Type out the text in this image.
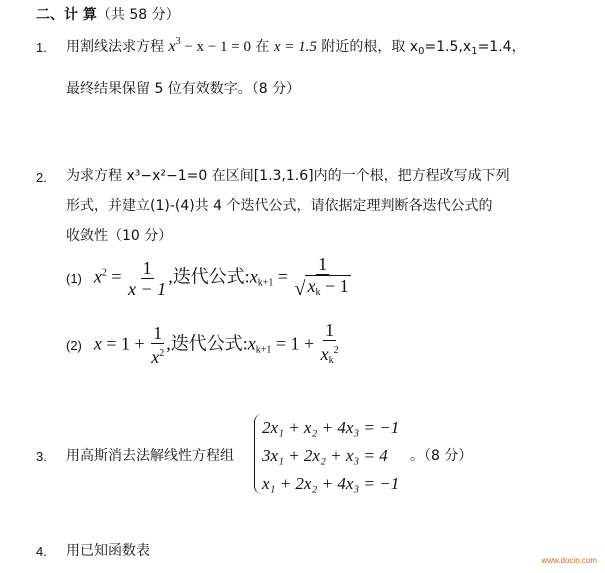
二、计 算（共 58 分）
1. 用割线法求方程 $x^3 - x - 1 = 0$ 在 x = 1.5 附近的根，取 $x_0=1.5,x_1=1.4$，
最终结果保留 5 位有效数字。（8 分）
2. 为求方程 x³−x²−1=0 在区间[1.3,1.6]内的一个根，把方程改写成下列
形式，并建立(1)-(4)共 4 个迭代公式，请依据定理判断各迭代公式的
收敛性（10 分）
(1) $x^2 = \frac{1}{x - 1}$ ,迭代公式$:x_{k+1} = \frac{1}{√ x_k - 1}$
(2) $x = 1 + \frac{1}{x^2}$ ,迭代公式$:x_{k+1} = 1 + \frac{1}{x_k^2}$
3. 用高斯消去法解线性方程组
2x₁ + x₂ + 4x₃ = −1
3x₁ + 2x₂ + x₃ = 4
x₁ + 2x₂ + 4x₃ = −1
。（8 分）
4. 用已知函数表
www.docin.com
